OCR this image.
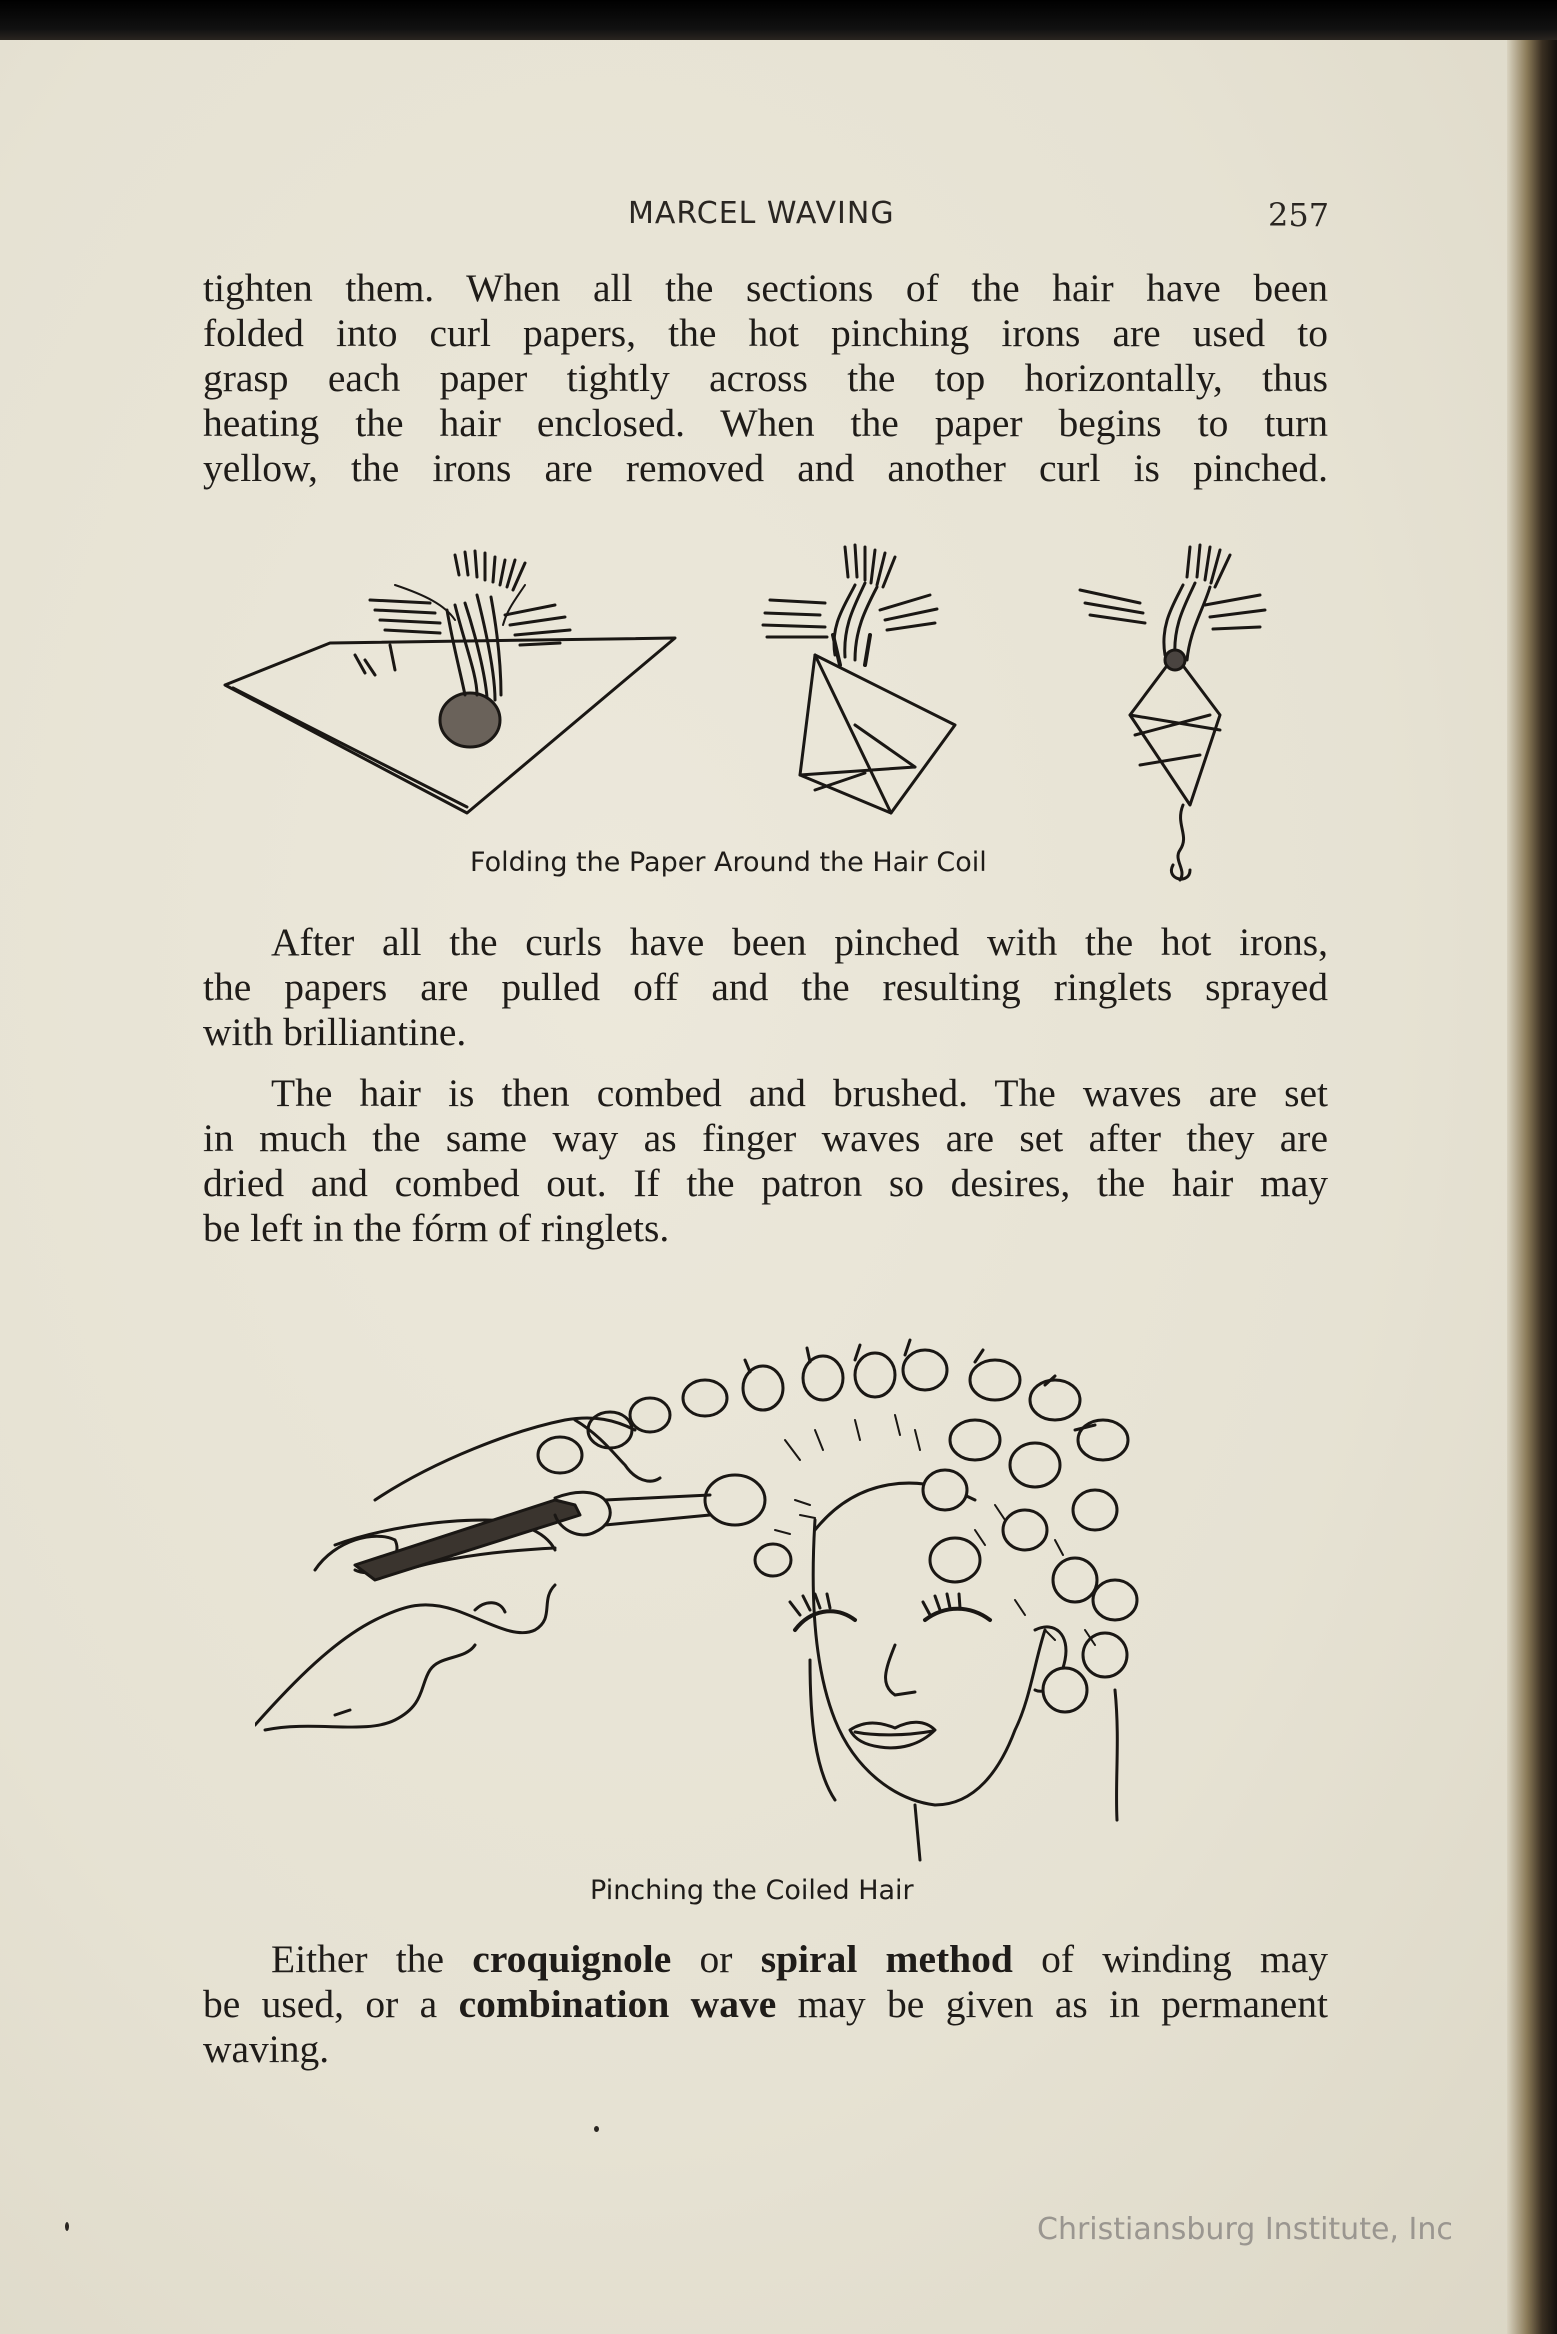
MARCEL WAVING	257
tighten them. When all the sections of the hair have been
folded into curl papers, the hot pinching irons are used to
grasp each paper tightly across the top horizontally, thus
heating the hair enclosed. When the paper begins to turn
yellow, the irons are removed and another curl is pinched.
Folding the Paper Around the Hair Coil
After all the curls have been pinched with the hot irons,
the papers are pulled off and the resulting ringlets sprayed
with brilliantine.
The hair is then combed and brushed. The waves are set
in much the same way as finger waves are set after they are
dried and combed out. If the patron so desires, the hair may
be left in the fórm of ringlets.
Pinching the Coiled Hair
Either the croquignole or spiral method of winding may
be used, or a combination wave may be given as in permanent
waving.
Christiansburg Institute, Inc
